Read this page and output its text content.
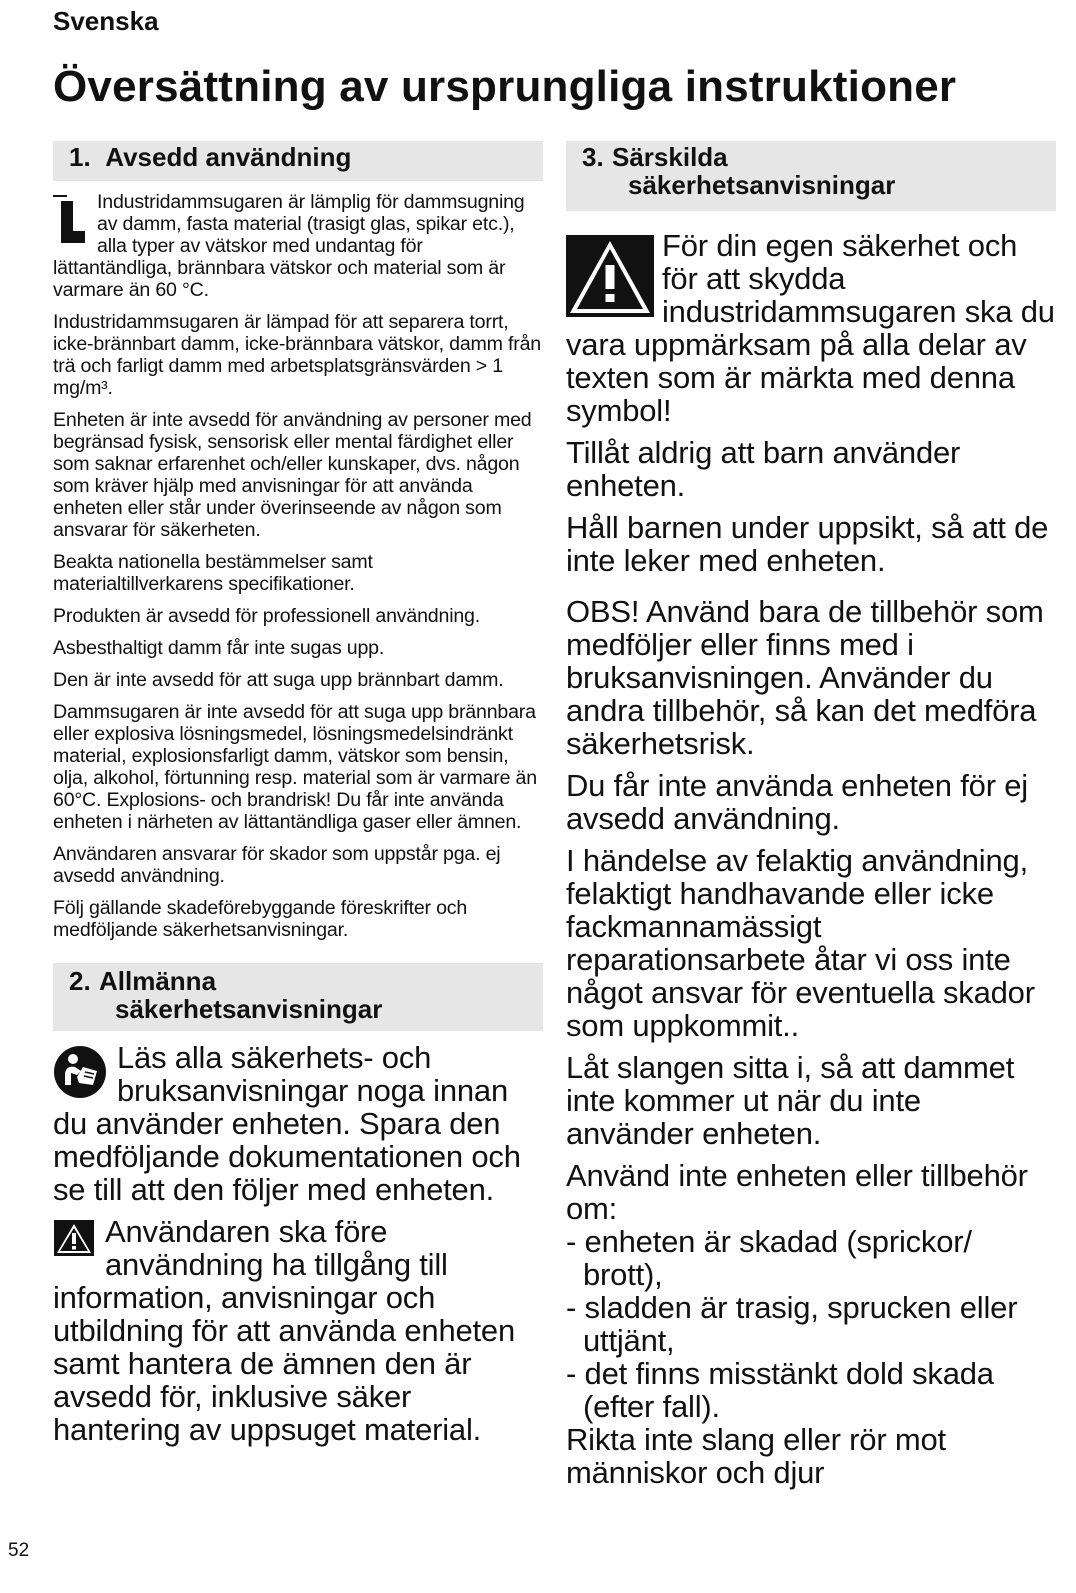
Svenska
Översättning av ursprungliga instruktioner
1. Avsedd användning

Industridammsugaren är lämplig för dammsugning av damm, fasta material (trasigt glas, spikar etc.), alla typer av vätskor med undantag för lättantändliga, brännbara vätskor och material som är varmare än 60 °C.

Industridammsugaren är lämpad för att separera torrt, icke-brännbart damm, icke-brännbara vätskor, damm från trä och farligt damm med arbetsplatsgränsvärden > 1 mg/m³.

Enheten är inte avsedd för användning av personer med begränsad fysisk, sensorisk eller mental färdighet eller som saknar erfarenhet och/eller kunskaper, dvs. någon som kräver hjälp med anvisningar för att använda enheten eller står under överinseende av någon som ansvarar för säkerheten.

Beakta nationella bestämmelser samt materialtillverkarens specifikationer.

Produkten är avsedd för professionell användning.

Asbesthaltigt damm får inte sugas upp.

Den är inte avsedd för att suga upp brännbart damm.

Dammsugaren är inte avsedd för att suga upp brännbara eller explosiva lösningsmedel, lösningsmedelsindränkt material, explosionsfarligt damm, vätskor som bensin, olja, alkohol, förtunning resp. material som är varmare än 60°C. Explosions- och brandrisk! Du får inte använda enheten i närheten av lättantändliga gaser eller ämnen.

Användaren ansvarar för skador som uppstår pga. ej avsedd användning.

Följ gällande skadeförebyggande föreskrifter och medföljande säkerhetsanvisningar.

2. Allmänna
säkerhetsanvisningar

Läs alla säkerhets- och bruksanvisningar noga innan du använder enheten. Spara den medföljande dokumentationen och se till att den följer med enheten.

Användaren ska före användning ha tillgång till information, anvisningar och utbildning för att använda enheten samt hantera de ämnen den är avsedd för, inklusive säker hantering av uppsuget material.

3. Särskilda
säkerhetsanvisningar

För din egen säkerhet och för att skydda industridammsugaren ska du vara uppmärksam på alla delar av texten som är märkta med denna symbol!

Tillåt aldrig att barn använder enheten.

Håll barnen under uppsikt, så att de inte leker med enheten.

OBS! Använd bara de tillbehör som medföljer eller finns med i bruksanvisningen. Använder du andra tillbehör, så kan det medföra säkerhetsrisk.

Du får inte använda enheten för ej avsedd användning.

I händelse av felaktig användning, felaktigt handhavande eller icke fackmannamässigt reparationsarbete åtar vi oss inte något ansvar för eventuella skador som uppkommit..

Låt slangen sitta i, så att dammet inte kommer ut när du inte använder enheten.

Använd inte enheten eller tillbehör om:

- enheten är skadad (sprickor/ brott),

- sladden är trasig, sprucken eller uttjänt,

- det finns misstänkt dold skada (efter fall).

Rikta inte slang eller rör mot människor och djur

52
